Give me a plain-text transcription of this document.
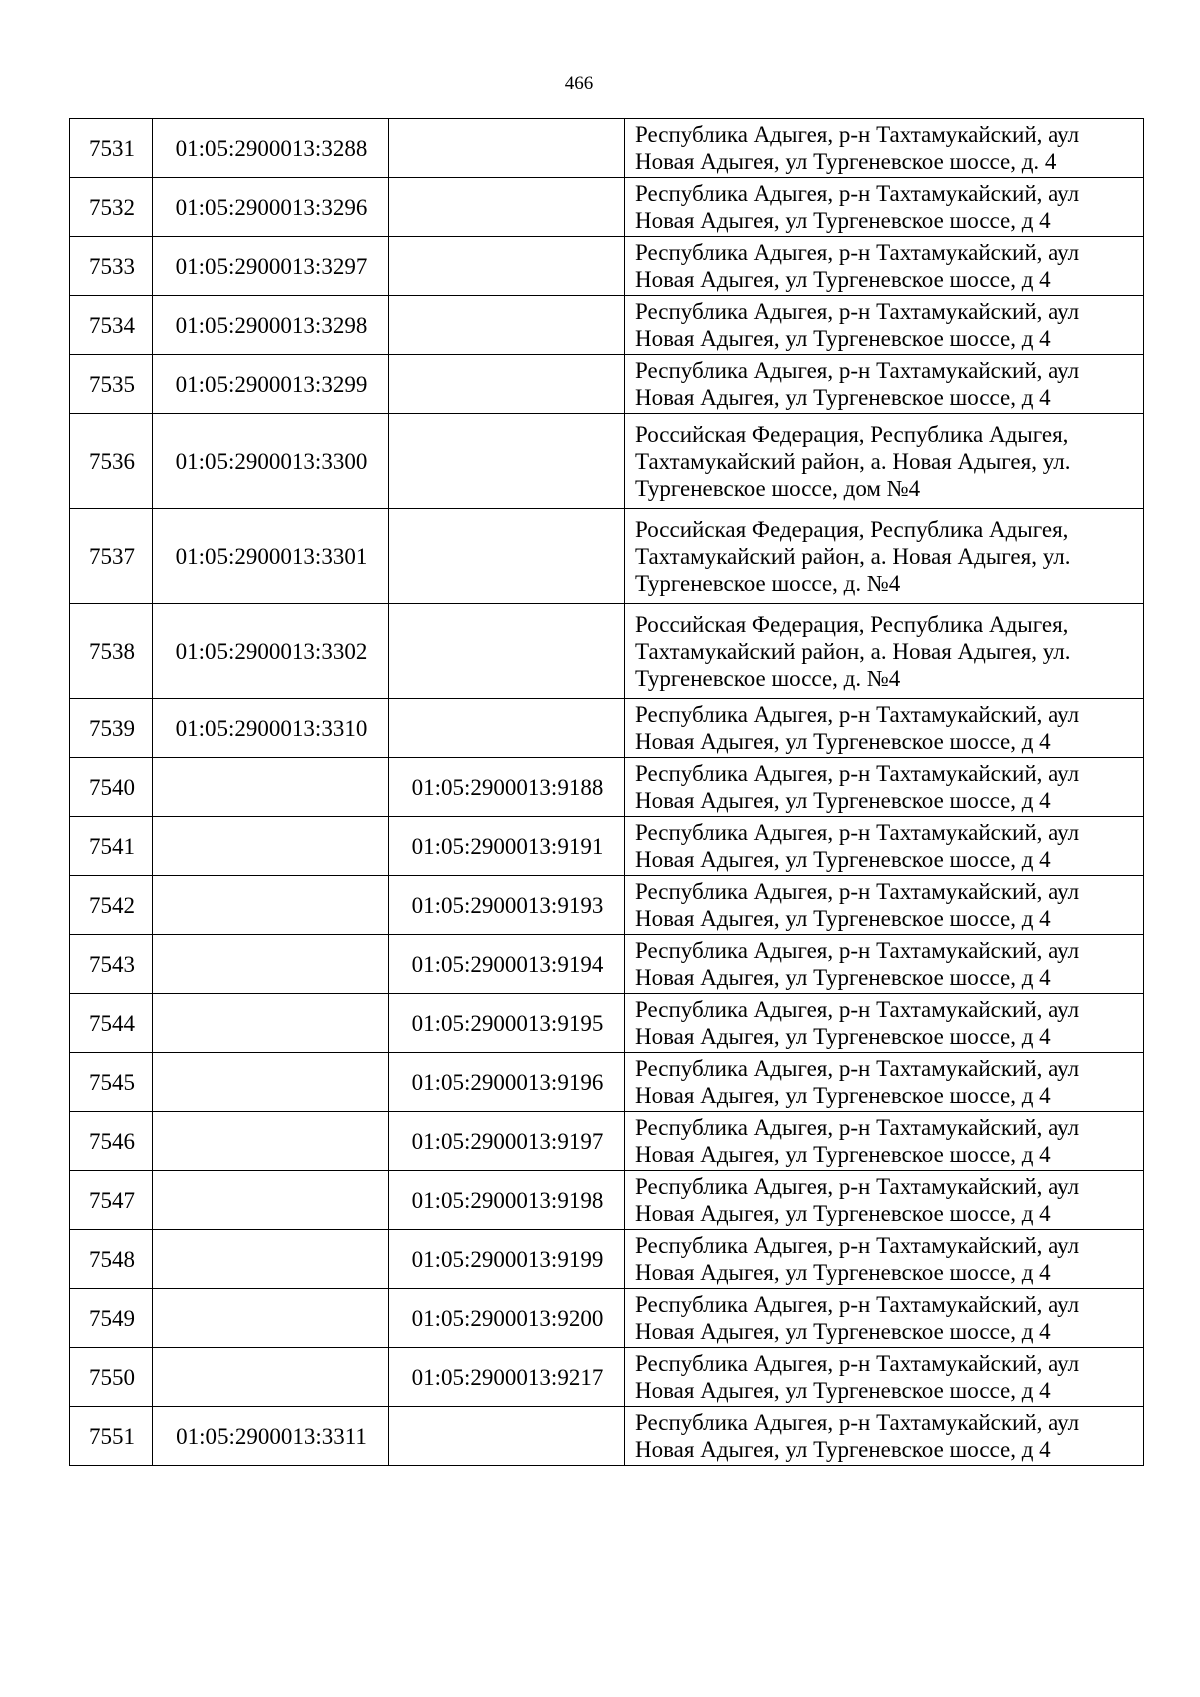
466
7531	01:05:2900013:3288		Республика Адыгея, р-н Тахтамукайский, аул Новая Адыгея, ул Тургеневское шоссе, д. 4
7532	01:05:2900013:3296		Республика Адыгея, р-н Тахтамукайский, аул Новая Адыгея, ул Тургеневское шоссе, д 4
7533	01:05:2900013:3297		Республика Адыгея, р-н Тахтамукайский, аул Новая Адыгея, ул Тургеневское шоссе, д 4
7534	01:05:2900013:3298		Республика Адыгея, р-н Тахтамукайский, аул Новая Адыгея, ул Тургеневское шоссе, д 4
7535	01:05:2900013:3299		Республика Адыгея, р-н Тахтамукайский, аул Новая Адыгея, ул Тургеневское шоссе, д 4
7536	01:05:2900013:3300		Российская Федерация, Республика Адыгея, Тахтамукайский район, а. Новая Адыгея, ул. Тургеневское шоссе, дом №4
7537	01:05:2900013:3301		Российская Федерация, Республика Адыгея, Тахтамукайский район, а. Новая Адыгея, ул. Тургеневское шоссе, д. №4
7538	01:05:2900013:3302		Российская Федерация, Республика Адыгея, Тахтамукайский район, а. Новая Адыгея, ул. Тургеневское шоссе, д. №4
7539	01:05:2900013:3310		Республика Адыгея, р-н Тахтамукайский, аул Новая Адыгея, ул Тургеневское шоссе, д 4
7540		01:05:2900013:9188	Республика Адыгея, р-н Тахтамукайский, аул Новая Адыгея, ул Тургеневское шоссе, д 4
7541		01:05:2900013:9191	Республика Адыгея, р-н Тахтамукайский, аул Новая Адыгея, ул Тургеневское шоссе, д 4
7542		01:05:2900013:9193	Республика Адыгея, р-н Тахтамукайский, аул Новая Адыгея, ул Тургеневское шоссе, д 4
7543		01:05:2900013:9194	Республика Адыгея, р-н Тахтамукайский, аул Новая Адыгея, ул Тургеневское шоссе, д 4
7544		01:05:2900013:9195	Республика Адыгея, р-н Тахтамукайский, аул Новая Адыгея, ул Тургеневское шоссе, д 4
7545		01:05:2900013:9196	Республика Адыгея, р-н Тахтамукайский, аул Новая Адыгея, ул Тургеневское шоссе, д 4
7546		01:05:2900013:9197	Республика Адыгея, р-н Тахтамукайский, аул Новая Адыгея, ул Тургеневское шоссе, д 4
7547		01:05:2900013:9198	Республика Адыгея, р-н Тахтамукайский, аул Новая Адыгея, ул Тургеневское шоссе, д 4
7548		01:05:2900013:9199	Республика Адыгея, р-н Тахтамукайский, аул Новая Адыгея, ул Тургеневское шоссе, д 4
7549		01:05:2900013:9200	Республика Адыгея, р-н Тахтамукайский, аул Новая Адыгея, ул Тургеневское шоссе, д 4
7550		01:05:2900013:9217	Республика Адыгея, р-н Тахтамукайский, аул Новая Адыгея, ул Тургеневское шоссе, д 4
7551	01:05:2900013:3311		Республика Адыгея, р-н Тахтамукайский, аул Новая Адыгея, ул Тургеневское шоссе, д 4
